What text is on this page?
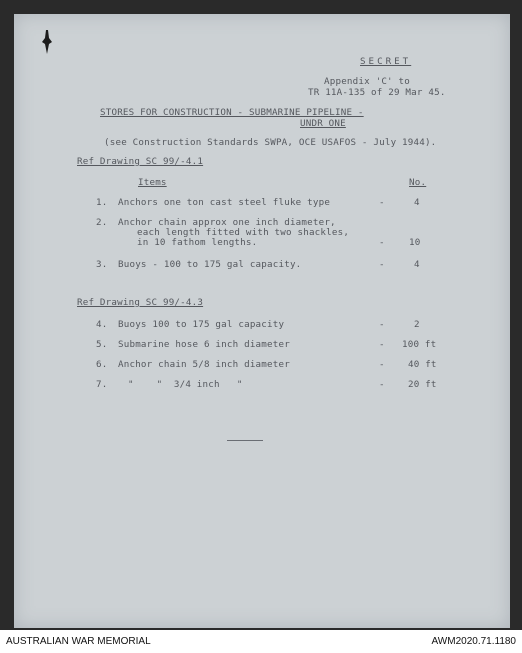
SECRET
Appendix 'C' to
TR 11A-135 of 29 Mar 45.
STORES FOR CONSTRUCTION - SUBMARINE PIPELINE -
UNDR ONE
(see Construction Standards SWPA, OCE USAFOS - July 1944).
Ref Drawing SC 99/-4.1
Items	No.
1. Anchors one ton cast steel fluke type	-	4
2. Anchor chain approx one inch diameter,
each length fitted with two shackles,
in 10 fathom lengths.	-	10
3. Buoys - 100 to 175 gal capacity.	-	4
Ref Drawing SC 99/-4.3
4. Buoys 100 to 175 gal capacity	-	2
5. Submarine hose 6 inch diameter	- 100 ft
6. Anchor chain 5/8 inch diameter	-	40 ft
7. "    "  3/4 inch   "	-	20 ft
AUSTRALIAN WAR MEMORIAL	AWM2020.71.1180
